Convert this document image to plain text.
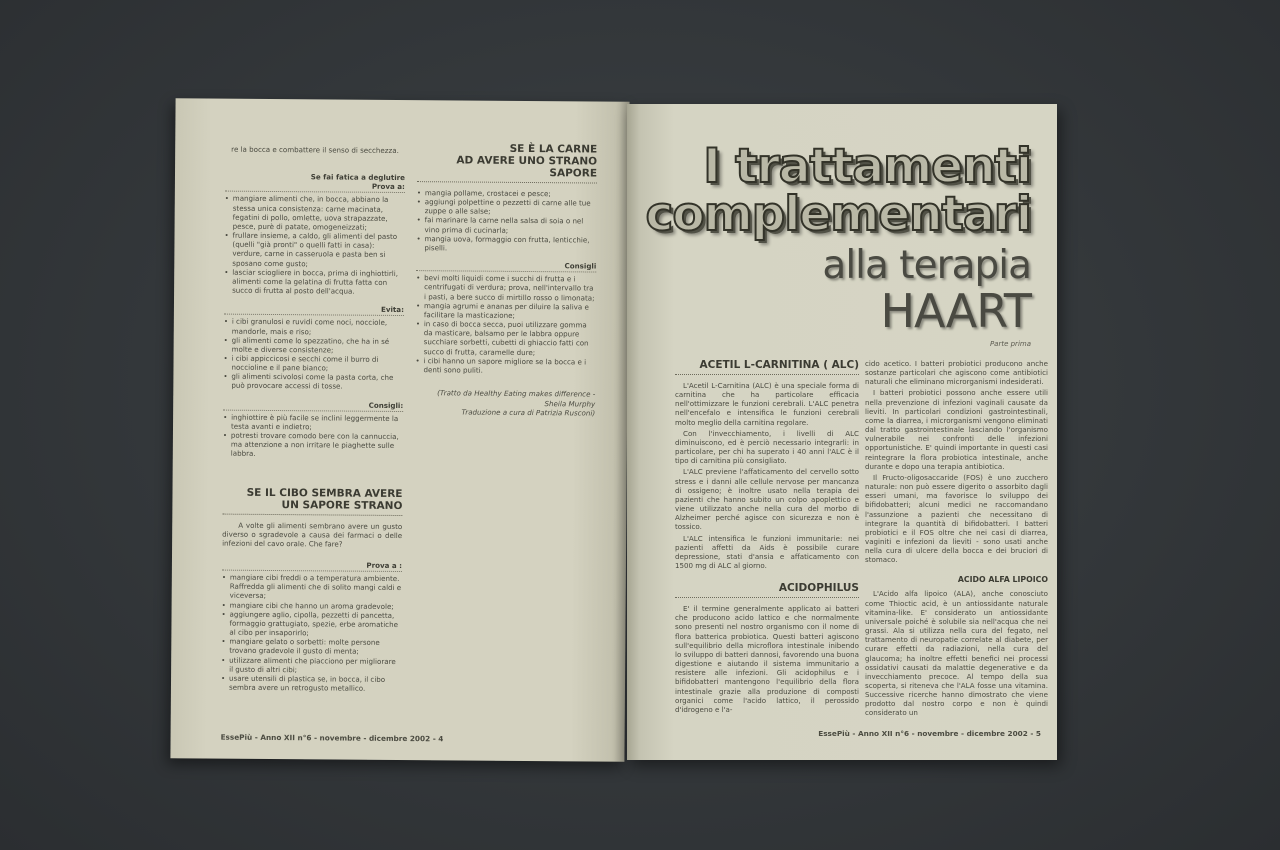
re la bocca e combattere il senso di secchezza.

Se fai fatica a deglutire
Prova a:
• mangiare alimenti che, in bocca, abbiano la stessa unica consistenza: carne macinata, fegatini di pollo, omlette, uova strapazzate, pesce, purè di patate, omogeneizzati;
• frullare insieme, a caldo, gli alimenti del pasto (quelli "già pronti" o quelli fatti in casa): verdure, carne in casseruola e pasta ben si sposano come gusto;
• lasciar sciogliere in bocca, prima di inghiottirli, alimenti come la gelatina di frutta fatta con succo di frutta al posto dell'acqua.
Evita:
• i cibi granulosi e ruvidi come noci, nocciole, mandorle, mais e riso;
• gli alimenti come lo spezzatino, che ha in sé molte e diverse consistenze;
• i cibi appiccicosi e secchi come il burro di noccioline e il pane bianco;
• gli alimenti scivolosi come la pasta corta, che può provocare accessi di tosse.
Consigli:
• inghiottire è più facile se inclini leggermente la testa avanti e indietro;
• potresti trovare comodo bere con la cannuccia, ma attenzione a non irritare le piaghette sulle labbra.
SE IL CIBO SEMBRA AVERE
UN SAPORE STRANO

A volte gli alimenti sembrano avere un gusto diverso o sgradevole a causa dei farmaci o delle infezioni del cavo orale. Che fare?

Prova a :
• mangiare cibi freddi o a temperatura ambiente. Raffredda gli alimenti che di solito mangi caldi e viceversa;
• mangiare cibi che hanno un aroma gradevole;
• aggiungere aglio, cipolla, pezzetti di pancetta, formaggio grattugiato, spezie, erbe aromatiche al cibo per insaporirlo;
• mangiare gelato o sorbetti: molte persone trovano gradevole il gusto di menta;
• utilizzare alimenti che piacciono per migliorare il gusto di altri cibi;
• usare utensili di plastica se, in bocca, il cibo sembra avere un retrogusto metallico.
SE È LA CARNE
AD AVERE UNO STRANO SAPORE
• mangia pollame, crostacei e pesce;
• aggiungi polpettine o pezzetti di carne alle tue zuppe o alle salse;
• fai marinare la carne nella salsa di soia o nel vino prima di cucinarla;
• mangia uova, formaggio con frutta, lenticchie, piselli.
Consigli
• bevi molti liquidi come i succhi di frutta e i centrifugati di verdura; prova, nell'intervallo tra i pasti, a bere succo di mirtillo rosso o limonata;
• mangia agrumi e ananas per diluire la saliva e facilitare la masticazione;
• in caso di bocca secca, puoi utilizzare gomma da masticare, balsamo per le labbra oppure succhiare sorbetti, cubetti di ghiaccio fatti con succo di frutta, caramelle dure;
• i cibi hanno un sapore migliore se la bocca e i denti sono puliti.
(Tratto da Healthy Eating makes difference -
Sheila Murphy
Traduzione a cura di Patrizia Rusconi)
EssePiù - Anno XII n°6 - novembre - dicembre 2002 - 4
I trattamenti
complementari
alla terapia
HAART
Parte prima
ACETIL L-CARNITINA ( ALC)

L'Acetil L-Carnitina (ALC) è una speciale forma di carnitina che ha particolare efficacia nell'ottimizzare le funzioni cerebrali. L'ALC penetra nell'encefalo e intensifica le funzioni cerebrali molto meglio della carnitina regolare.

Con l'invecchiamento, i livelli di ALC diminuiscono, ed è perciò necessario integrarli: in particolare, per chi ha superato i 40 anni l'ALC è il tipo di carnitina più consigliato.

L'ALC previene l'affaticamento del cervello sotto stress e i danni alle cellule nervose per mancanza di ossigeno; è inoltre usato nella terapia dei pazienti che hanno subito un colpo apoplettico e viene utilizzato anche nella cura del morbo di Alzheimer perché agisce con sicurezza e non è tossico.

L'ALC intensifica le funzioni immunitarie: nei pazienti affetti da Aids è possibile curare depressione, stati d'ansia e affaticamento con 1500 mg di ALC al giorno.

ACIDOPHILUS

E' il termine generalmente applicato ai batteri che producono acido lattico e che normalmente sono presenti nel nostro organismo con il nome di flora batterica probiotica. Questi batteri agiscono sull'equilibrio della microflora intestinale inibendo lo sviluppo di batteri dannosi, favorendo una buona digestione e aiutando il sistema immunitario a resistere alle infezioni. Gli acidophilus e i bifidobatteri mantengono l'equilibrio della flora intestinale grazie alla produzione di composti organici come l'acido lattico, il perossido d'idrogeno e l'a-

cido acetico. I batteri probiotici producono anche sostanze particolari che agiscono come antibiotici naturali che eliminano microrganismi indesiderati.

I batteri probiotici possono anche essere utili nella prevenzione di infezioni vaginali causate da lieviti. In particolari condizioni gastrointestinali, come la diarrea, i microrganismi vengono eliminati dal tratto gastrointestinale lasciando l'organismo vulnerabile nei confronti delle infezioni opportunistiche. E' quindi importante in questi casi reintegrare la flora probiotica intestinale, anche durante e dopo una terapia antibiotica.

Il Fructo-oligosaccaride (FOS) è uno zucchero naturale: non può essere digerito o assorbito dagli esseri umani, ma favorisce lo sviluppo dei bifidobatteri; alcuni medici ne raccomandano l'assunzione a pazienti che necessitano di integrare la quantità di bifidobatteri. I batteri probiotici e il FOS oltre che nei casi di diarrea, vaginiti e infezioni da lieviti - sono usati anche nella cura di ulcere della bocca e dei bruciori di stomaco.

ACIDO ALFA LIPOICO

L'Acido alfa lipoico (ALA), anche conosciuto come Thioctic acid, è un antiossidante naturale vitamina-like. E' considerato un antiossidante universale poiché è solubile sia nell'acqua che nei grassi. Ala si utilizza nella cura del fegato, nel trattamento di neuropatie correlate al diabete, per curare effetti da radiazioni, nella cura del glaucoma; ha inoltre effetti benefici nei processi ossidativi causati da malattie degenerative e da invecchiamento precoce. Al tempo della sua scoperta, si riteneva che l'ALA fosse una vitamina. Successive ricerche hanno dimostrato che viene prodotto dal nostro corpo e non è quindi considerato un

EssePiù - Anno XII n°6 - novembre - dicembre 2002 - 5
